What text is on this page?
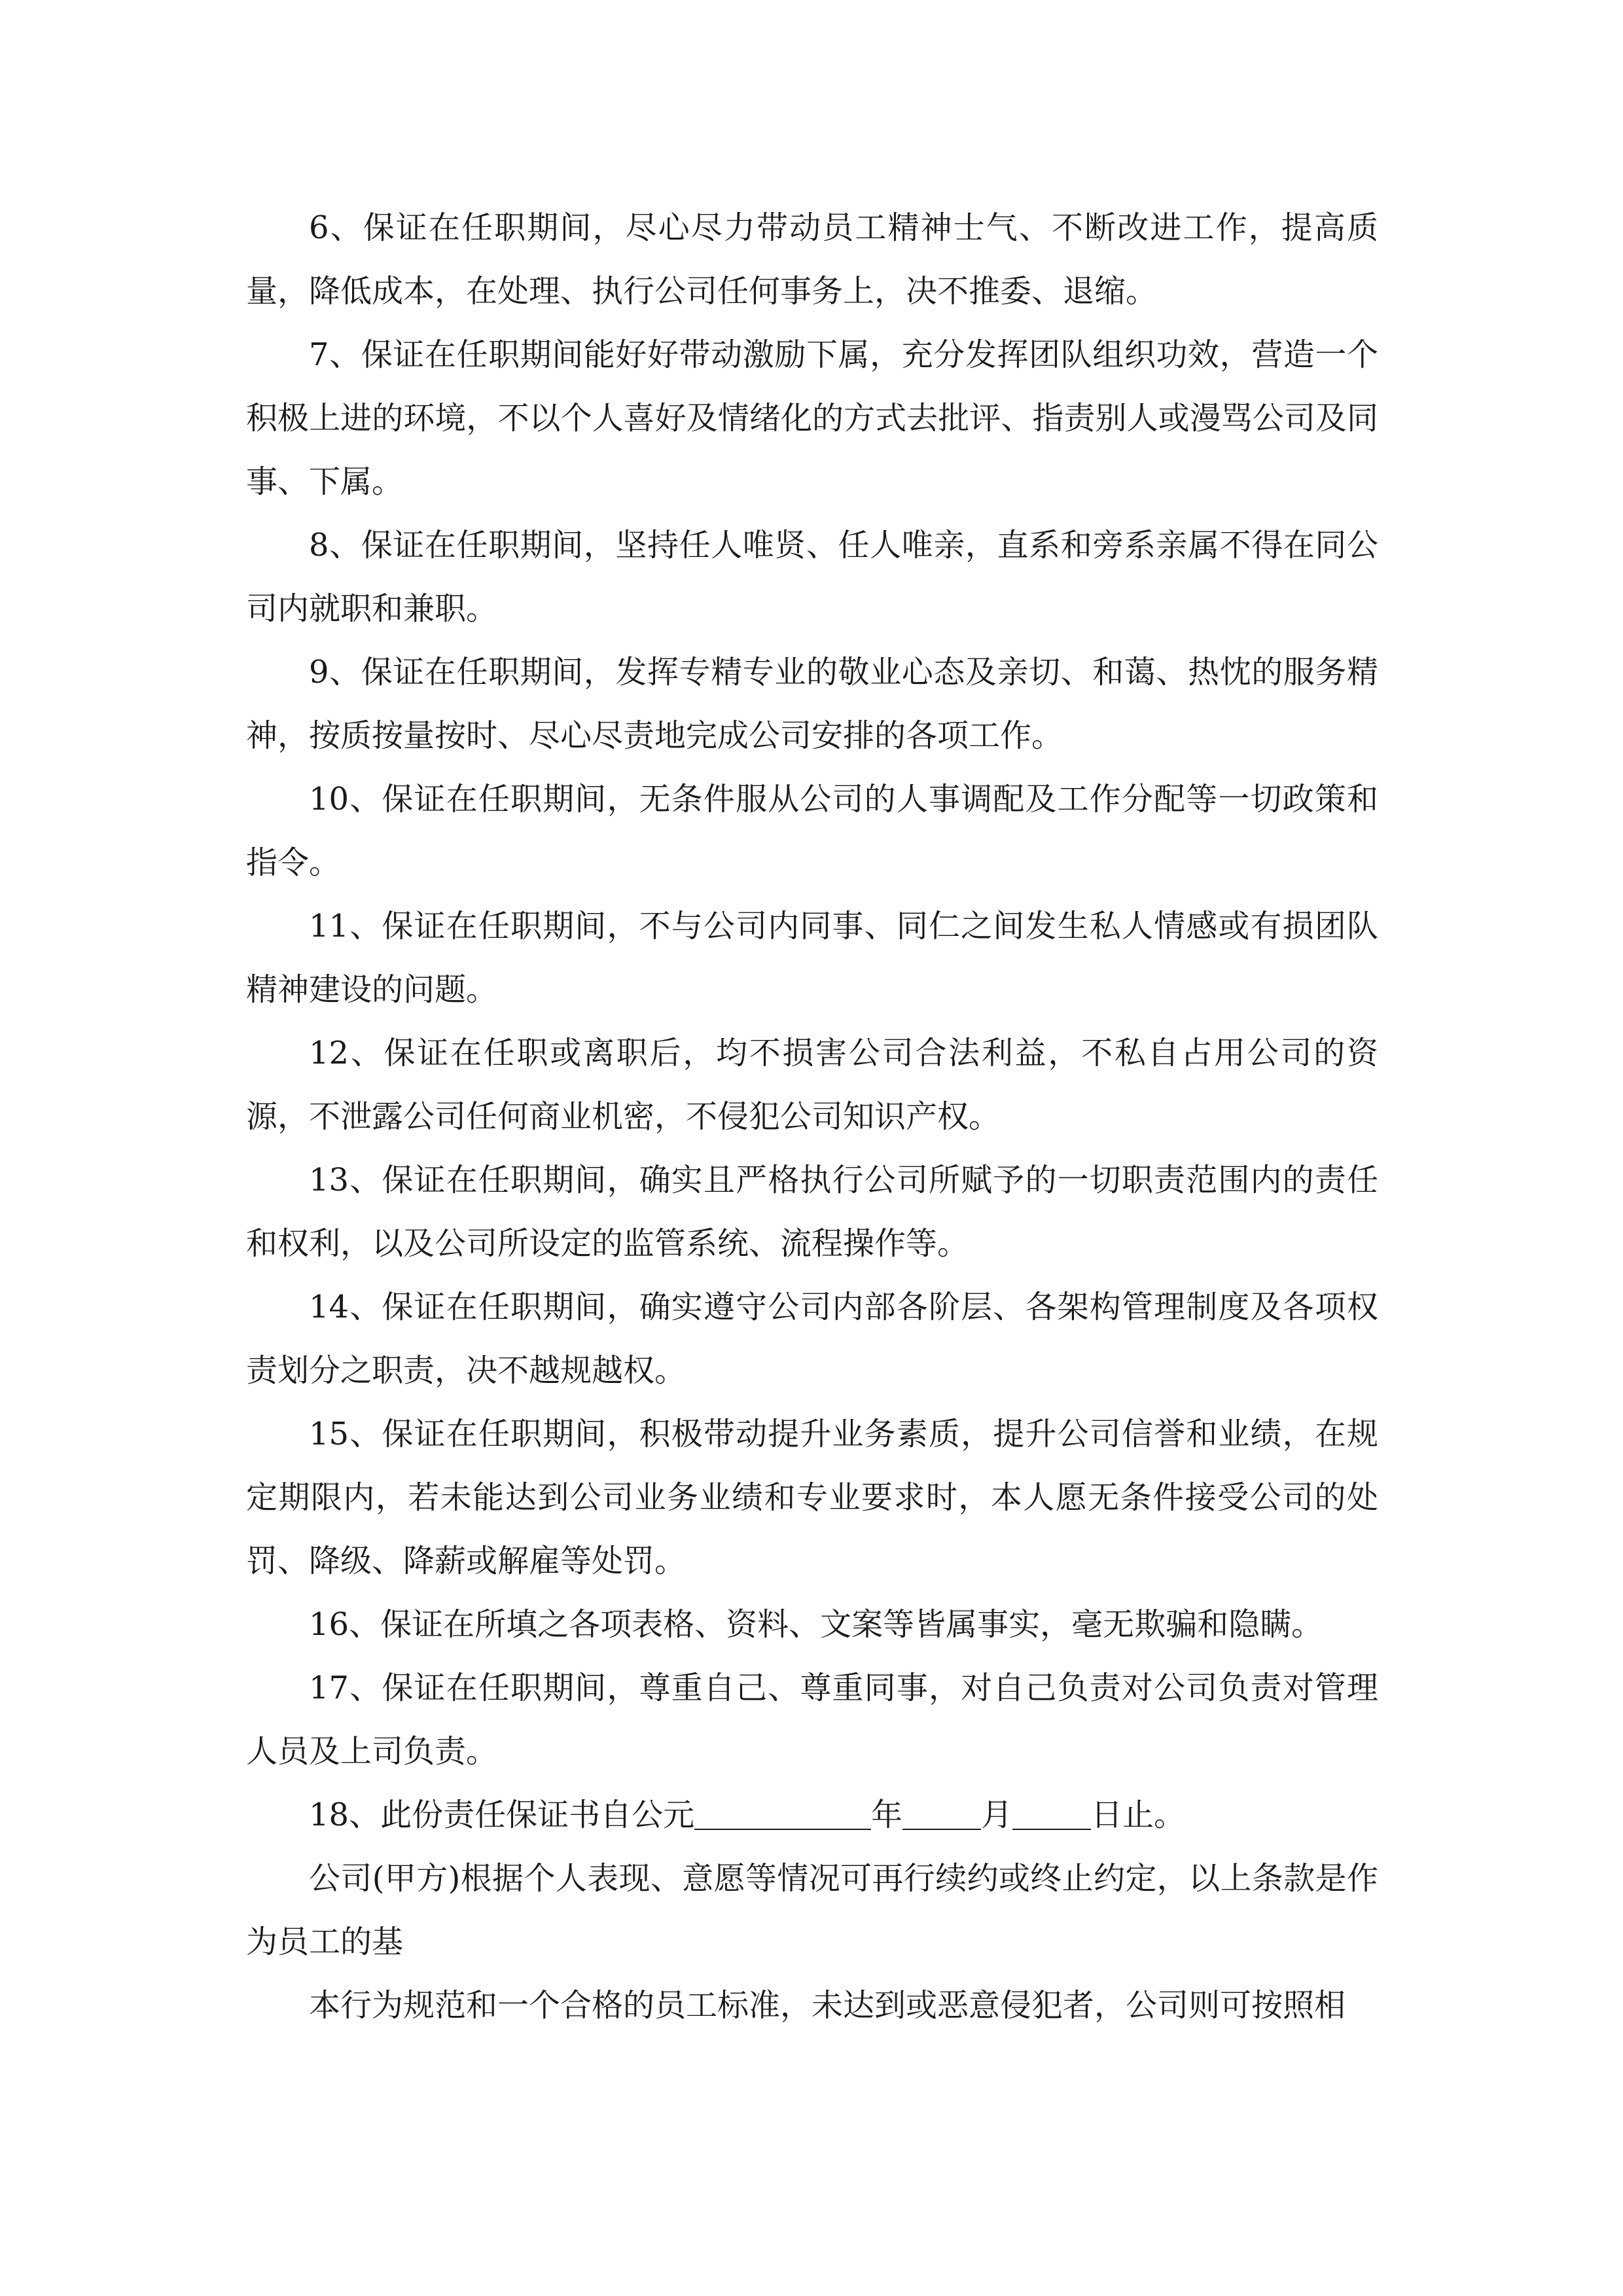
6、保证在任职期间，尽心尽力带动员工精神士气、不断改进工作，提高质量，降低成本，在处理、执行公司任何事务上，决不推委、退缩。

7、保证在任职期间能好好带动激励下属，充分发挥团队组织功效，营造一个积极上进的环境，不以个人喜好及情绪化的方式去批评、指责别人或漫骂公司及同事、下属。

8、保证在任职期间，坚持任人唯贤、任人唯亲，直系和旁系亲属不得在同公司内就职和兼职。

9、保证在任职期间，发挥专精专业的敬业心态及亲切、和蔼、热忱的服务精神，按质按量按时、尽心尽责地完成公司安排的各项工作。

10、保证在任职期间，无条件服从公司的人事调配及工作分配等一切政策和指令。

11、保证在任职期间，不与公司内同事、同仁之间发生私人情感或有损团队精神建设的问题。

12、保证在任职或离职后，均不损害公司合法利益，不私自占用公司的资源，不泄露公司任何商业机密，不侵犯公司知识产权。

13、保证在任职期间，确实且严格执行公司所赋予的一切职责范围内的责任和权利，以及公司所设定的监管系统、流程操作等。

14、保证在任职期间，确实遵守公司内部各阶层、各架构管理制度及各项权责划分之职责，决不越规越权。

15、保证在任职期间，积极带动提升业务素质，提升公司信誉和业绩，在规定期限内，若未能达到公司业务业绩和专业要求时，本人愿无条件接受公司的处罚、降级、降薪或解雇等处罚。

16、保证在所填之各项表格、资料、文案等皆属事实，毫无欺骗和隐瞒。

17、保证在任职期间，尊重自己、尊重同事，对自己负责对公司负责对管理人员及上司负责。

18、此份责任保证书自公元	年	月	日止。

公司(甲方)根据个人表现、意愿等情况可再行续约或终止约定，以上条款是作为员工的基

本行为规范和一个合格的员工标准，未达到或恶意侵犯者，公司则可按照相
